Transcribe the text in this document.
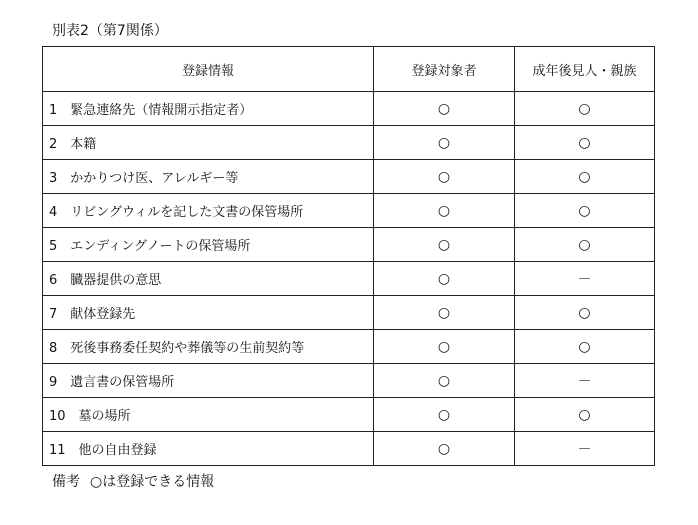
別表2（第7関係）
登録情報	登録対象者	成年後見人・親族
1　緊急連絡先（情報開示指定者）	○	○
2　本籍	○	○
3　かかりつけ医、アレルギー等	○	○
4　リビングウィルを記した文書の保管場所	○	○
5　エンディングノートの保管場所	○	○
6　臓器提供の意思	○	－
7　献体登録先	○	○
8　死後事務委任契約や葬儀等の生前契約等	○	○
9　遺言書の保管場所	○	－
10　墓の場所	○	○
11　他の自由登録	○	－
備考 ○は登録できる情報
